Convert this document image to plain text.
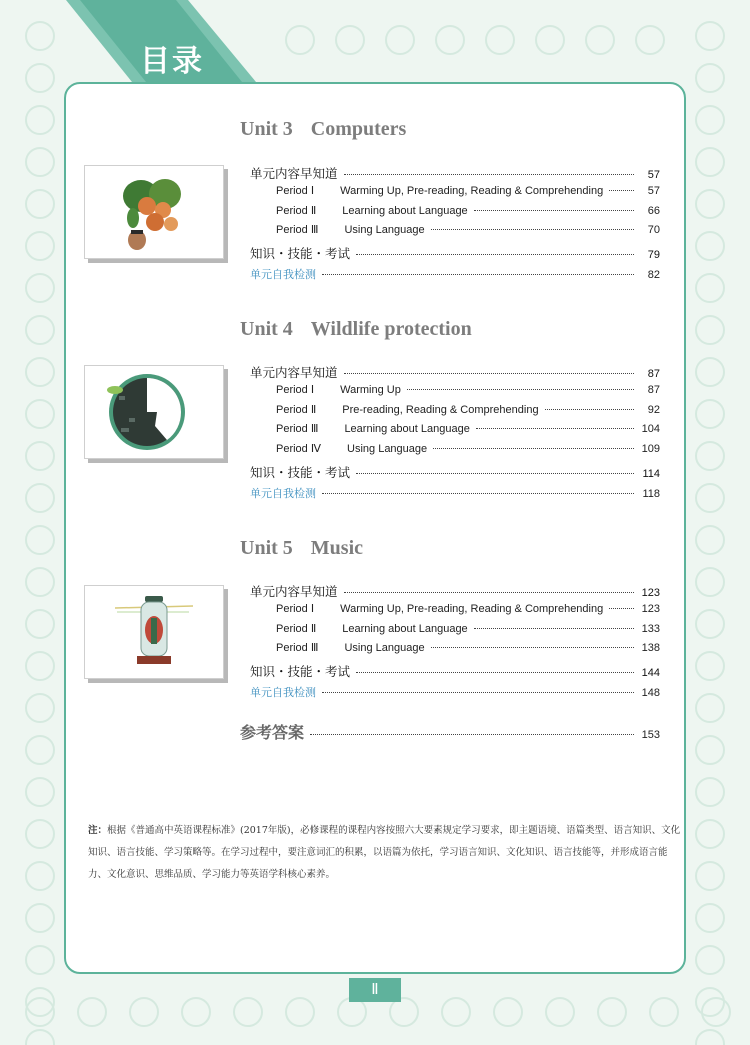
目录
Unit 3 Computers
Unit 4 Wildlife protection
Unit 5 Music
单元内容早知道	57
Period Ⅰ Warming Up, Pre-reading, Reading & Comprehending	57
Period Ⅱ Learning about Language	66
Period Ⅲ Using Language	70
知识・技能・考试	79
单元自我检测	82
单元内容早知道	87
Period Ⅰ Warming Up	87
Period Ⅱ Pre-reading, Reading & Comprehending	92
Period Ⅲ Learning about Language	104
Period Ⅳ Using Language	109
知识・技能・考试	114
单元自我检测	118
单元内容早知道	123
Period Ⅰ Warming Up, Pre-reading, Reading & Comprehending	123
Period Ⅱ Learning about Language	133
Period Ⅲ Using Language	138
知识・技能・考试	144
单元自我检测	148
参考答案	153
注：根据《普通高中英语课程标准》(2017年版)，必修课程的课程内容按照六大要素规定学习要求，即主题语境、语篇类型、语言知识、文化知识、语言技能、学习策略等。在学习过程中，要注意词汇的积累，以语篇为依托，学习语言知识、文化知识、语言技能等，并形成语言能力、文化意识、思维品质、学习能力等英语学科核心素养。
Ⅱ
